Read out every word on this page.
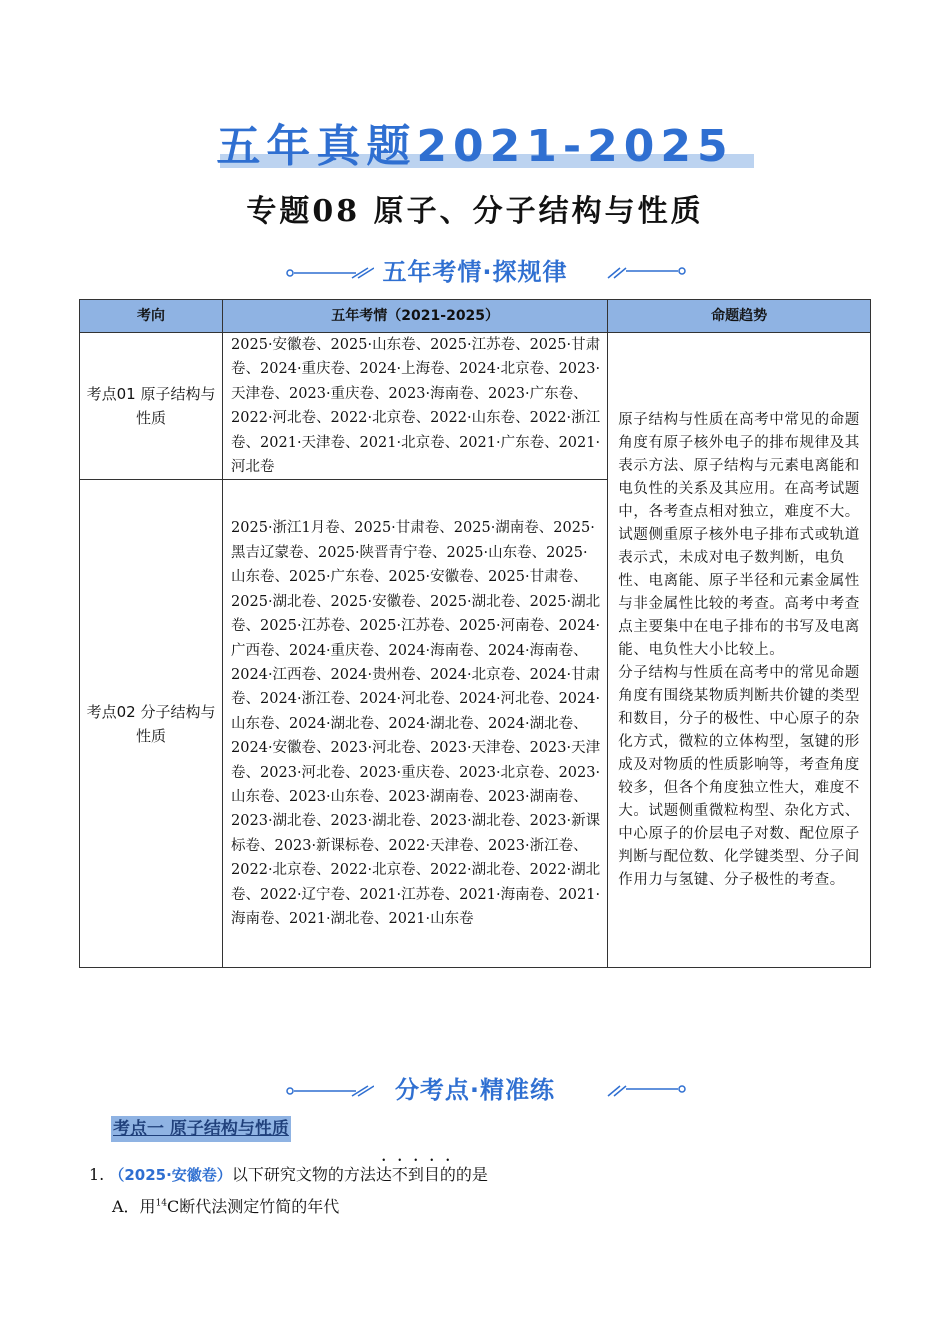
五年真题2021-2025
专题08 原子、分子结构与性质
五年考情·探规律
考向	五年考情（2021-2025）	命题趋势
考点01 原子结构与性质	2025·安徽卷、2025·山东卷、2025·江苏卷、2025·甘肃卷、2024·重庆卷、2024·上海卷、2024·北京卷、2023·天津卷、2023·重庆卷、2023·海南卷、2023·广东卷、2022·河北卷、2022·北京卷、2022·山东卷、2022·浙江卷、2021·天津卷、2021·北京卷、2021·广东卷、2021·河北卷	原子结构与性质在高考中常见的命题角度有原子核外电子的排布规律及其表示方法、原子结构与元素电离能和电负性的关系及其应用。在高考试题中，各考查点相对独立，难度不大。试题侧重原子核外电子排布式或轨道表示式，未成对电子数判断，电负性、电离能、原子半径和元素金属性与非金属性比较的考查。高考中考查点主要集中在电子排布的书写及电离能、电负性大小比较上。
分子结构与性质在高考中的常见命题角度有围绕某物质判断共价键的类型和数目，分子的极性、中心原子的杂化方式，微粒的立体构型，氢键的形成及对物质的性质影响等，考查角度较多，但各个角度独立性大，难度不大。试题侧重微粒构型、杂化方式、中心原子的价层电子对数、配位原子判断与配位数、化学键类型、分子间作用力与氢键、分子极性的考查。
考点02 分子结构与性质	2025·浙江1月卷、2025·甘肃卷、2025·湖南卷、2025·黑吉辽蒙卷、2025·陕晋青宁卷、2025·山东卷、2025·山东卷、2025·广东卷、2025·安徽卷、2025·甘肃卷、2025·湖北卷、2025·安徽卷、2025·湖北卷、2025·湖北卷、2025·江苏卷、2025·江苏卷、2025·河南卷、2024·广西卷、2024·重庆卷、2024·海南卷、2024·海南卷、2024·江西卷、2024·贵州卷、2024·北京卷、2024·甘肃卷、2024·浙江卷、2024·河北卷、2024·河北卷、2024·山东卷、2024·湖北卷、2024·湖北卷、2024·湖北卷、2024·安徽卷、2023·河北卷、2023·天津卷、2023·天津卷、2023·河北卷、2023·重庆卷、2023·北京卷、2023·山东卷、2023·山东卷、2023·湖南卷、2023·湖南卷、2023·湖北卷、2023·湖北卷、2023·湖北卷、2023·新课标卷、2023·新课标卷、2022·天津卷、2023·浙江卷、2022·北京卷、2022·北京卷、2022·湖北卷、2022·湖北卷、2022·辽宁卷、2021·江苏卷、2021·海南卷、2021·海南卷、2021·湖北卷、2021·山东卷	
分考点·精准练
考点一 原子结构与性质
1. （2025·安徽卷）以下研究文物的方法达不到目的的是
A．用$^{14}$C断代法测定竹简的年代
